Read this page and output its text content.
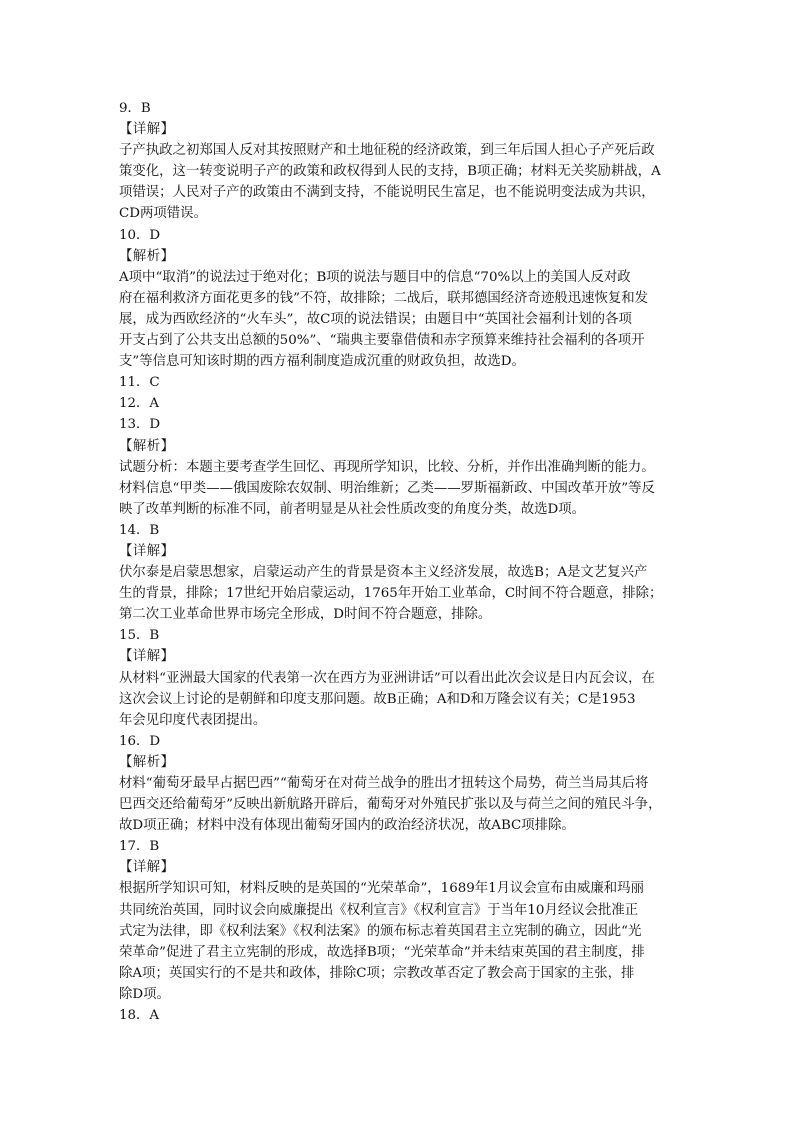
9．B
【详解】
子产执政之初郑国人反对其按照财产和土地征税的经济政策，到三年后国人担心子产死后政
策变化，这一转变说明子产的政策和政权得到人民的支持，B项正确；材料无关奖励耕战，A
项错误；人民对子产的政策由不满到支持，不能说明民生富足，也不能说明变法成为共识，
CD两项错误。
10．D
【解析】
A项中“取消”的说法过于绝对化；B项的说法与题目中的信息“70%以上的美国人反对政
府在福利救济方面花更多的钱”不符，故排除；二战后，联邦德国经济奇迹般迅速恢复和发
展，成为西欧经济的“火车头”，故C项的说法错误；由题目中“英国社会福利计划的各项
开支占到了公共支出总额的50%”、“瑞典主要靠借债和赤字预算来维持社会福利的各项开
支”等信息可知该时期的西方福利制度造成沉重的财政负担，故选D。
11．C
12．A
13．D
【解析】
试题分析：本题主要考查学生回忆、再现所学知识，比较、分析，并作出准确判断的能力。
材料信息“甲类——俄国废除农奴制、明治维新；乙类——罗斯福新政、中国改革开放”等反
映了改革判断的标准不同，前者明显是从社会性质改变的角度分类，故选D项。
14．B
【详解】
伏尔泰是启蒙思想家，启蒙运动产生的背景是资本主义经济发展，故选B；A是文艺复兴产
生的背景，排除；17世纪开始启蒙运动，1765年开始工业革命，C时间不符合题意，排除；
第二次工业革命世界市场完全形成，D时间不符合题意，排除。
15．B
【详解】
从材料“亚洲最大国家的代表第一次在西方为亚洲讲话”可以看出此次会议是日内瓦会议，在
这次会议上讨论的是朝鲜和印度支那问题。故B正确；A和D和万隆会议有关；C是1953
年会见印度代表团提出。
16．D
【解析】
材料“葡萄牙最早占据巴西”“葡萄牙在对荷兰战争的胜出才扭转这个局势，荷兰当局其后将
巴西交还给葡萄牙”反映出新航路开辟后，葡萄牙对外殖民扩张以及与荷兰之间的殖民斗争，
故D项正确；材料中没有体现出葡萄牙国内的政治经济状况，故ABC项排除。
17．B
【详解】
根据所学知识可知，材料反映的是英国的“光荣革命”，1689年1月议会宣布由威廉和玛丽
共同统治英国，同时议会向威廉提出《权利宣言》《权利宣言》于当年10月经议会批准正
式定为法律，即《权利法案》《权利法案》的颁布标志着英国君主立宪制的确立，因此“光
荣革命”促进了君主立宪制的形成，故选择B项；“光荣革命”并未结束英国的君主制度，排
除A项；英国实行的不是共和政体，排除C项；宗教改革否定了教会高于国家的主张，排
除D项。
18．A
